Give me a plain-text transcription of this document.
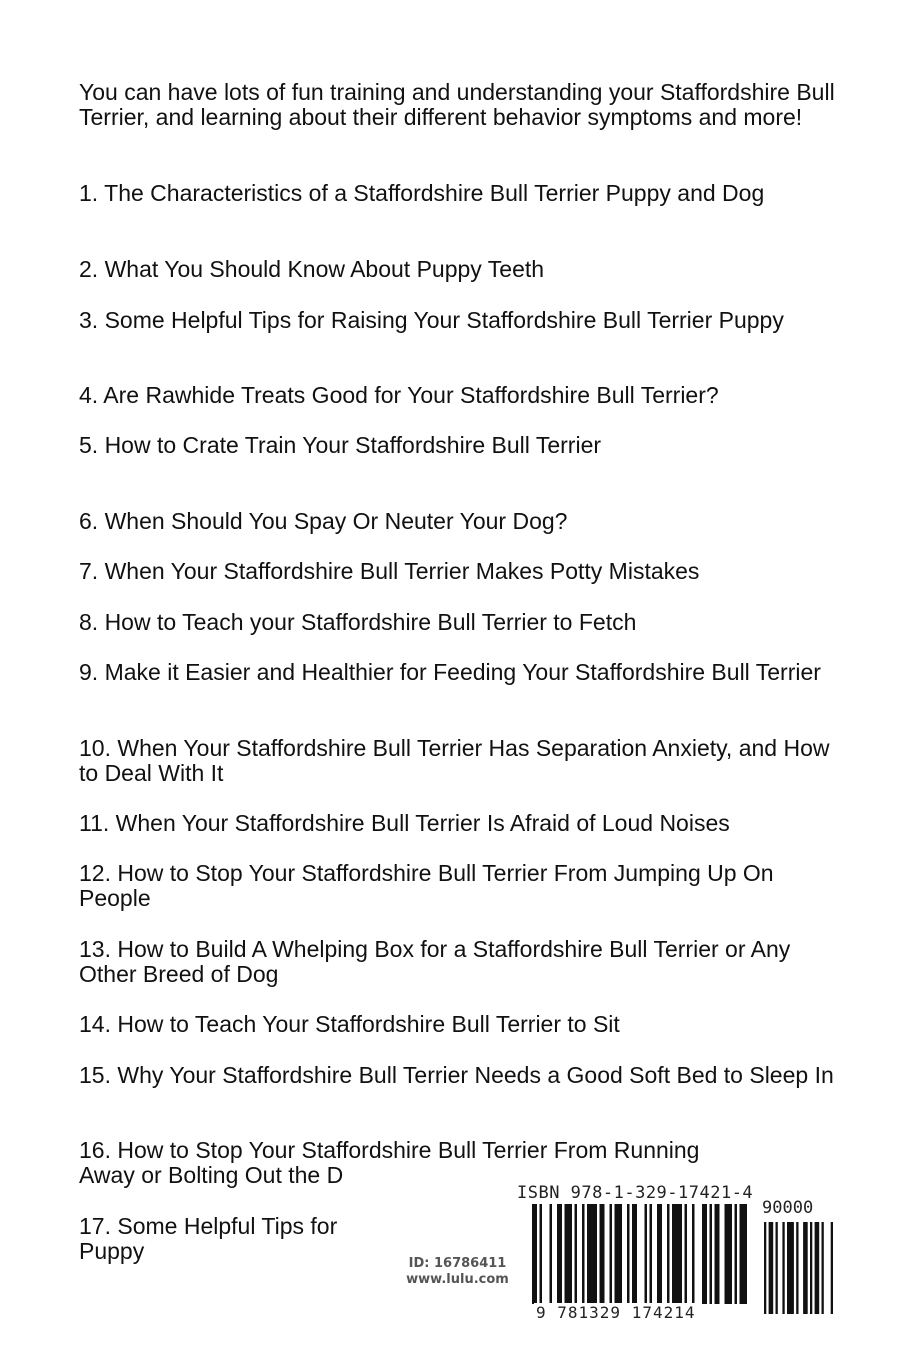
You can have lots of fun training and understanding your Staffordshire Bull Terrier, and learning about their different behavior symptoms and more!

1. The Characteristics of a Staffordshire Bull Terrier Puppy and Dog

2. What You Should Know About Puppy Teeth

3. Some Helpful Tips for Raising Your Staffordshire Bull Terrier Puppy

4. Are Rawhide Treats Good for Your Staffordshire Bull Terrier?

5. How to Crate Train Your Staffordshire Bull Terrier

6. When Should You Spay Or Neuter Your Dog?

7. When Your Staffordshire Bull Terrier Makes Potty Mistakes

8. How to Teach your Staffordshire Bull Terrier to Fetch

9. Make it Easier and Healthier for Feeding Your Staffordshire Bull Terrier

10. When Your Staffordshire Bull Terrier Has Separation Anxiety, and How to Deal With It

11. When Your Staffordshire Bull Terrier Is Afraid of Loud Noises

12. How to Stop Your Staffordshire Bull Terrier From Jumping Up On People

13. How to Build A Whelping Box for a Staffordshire Bull Terrier or Any Other Breed of Dog

14. How to Teach Your Staffordshire Bull Terrier to Sit

15. Why Your Staffordshire Bull Terrier Needs a Good Soft Bed to Sleep In

16. How to Stop Your Staffordshire Bull Terrier From Running

Away or Bolting Out the D

17. Some Helpful Tips for

Puppy	ID: 16786411
www.lulu.com
ISBN 978-1-329-17421-4
90000
9 781329 174214
